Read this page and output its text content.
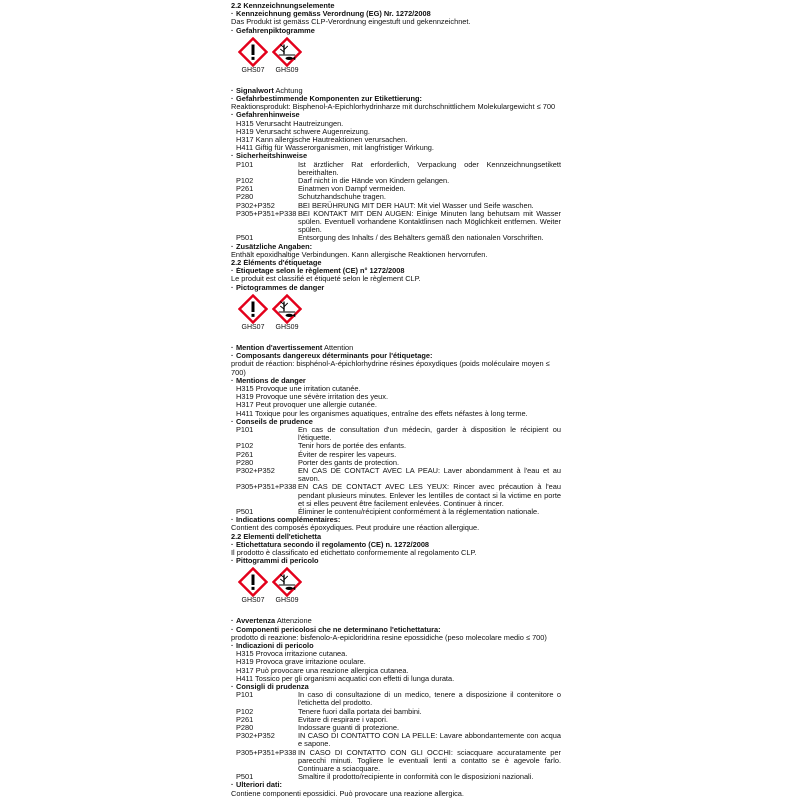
2.2 Kennzeichnungselemente
· Kennzeichnung gemäss Verordnung (EG) Nr. 1272/2008
Das Produkt ist gemäss CLP-Verordnung eingestuft und gekennzeichnet.
· Gefahrenpiktogramme
GHS07	GHS09
· Signalwort Achtung
· Gefahrbestimmende Komponenten zur Etikettierung:
Reaktionsprodukt: Bisphenol-A-Epichlorhydrinharze mit durchschnittlichem Molekulargewicht ≤ 700
· Gefahrenhinweise
H315 Verursacht Hautreizungen.
H319 Verursacht schwere Augenreizung.
H317 Kann allergische Hautreaktionen verursachen.
H411 Giftig für Wasserorganismen, mit langfristiger Wirkung.
· Sicherheitshinweise
P101	Ist ärztlicher Rat erforderlich, Verpackung oder Kennzeichnungsetikett bereithalten.
P102	Darf nicht in die Hände von Kindern gelangen.
P261	Einatmen von Dampf vermeiden.
P280	Schutzhandschuhe tragen.
P302+P352	BEI BERÜHRUNG MIT DER HAUT: Mit viel Wasser und Seife waschen.
P305+P351+P338 BEI KONTAKT MIT DEN AUGEN: Einige Minuten lang behutsam mit Wasser spülen. Eventuell vorhandene Kontaktlinsen nach Möglichkeit entfernen. Weiter spülen.
P501	Entsorgung des Inhalts / des Behälters gemäß den nationalen Vorschriften.
· Zusätzliche Angaben:
Enthält epoxidhaltige Verbindungen. Kann allergische Reaktionen hervorrufen.
2.2 Éléments d'étiquetage
· Étiquetage selon le règlement (CE) n° 1272/2008
Le produit est classifié et étiqueté selon le règlement CLP.
· Pictogrammes de danger
GHS07	GHS09
· Mention d'avertissement Attention
· Composants dangereux déterminants pour l'étiquetage:
produit de réaction: bisphénol-A-épichlorhydrine résines époxydiques (poids moléculaire moyen ≤
700)
· Mentions de danger
H315 Provoque une irritation cutanée.
H319 Provoque une sévère irritation des yeux.
H317 Peut provoquer une allergie cutanée.
H411 Toxique pour les organismes aquatiques, entraîne des effets néfastes à long terme.
· Conseils de prudence
P101	En cas de consultation d'un médecin, garder à disposition le récipient ou l'étiquette.
P102	Tenir hors de portée des enfants.
P261	Éviter de respirer les vapeurs.
P280	Porter des gants de protection.
P302+P352	EN CAS DE CONTACT AVEC LA PEAU: Laver abondamment à l'eau et au savon.
P305+P351+P338 EN CAS DE CONTACT AVEC LES YEUX: Rincer avec précaution à l'eau pendant plusieurs minutes. Enlever les lentilles de contact si la victime en porte et si elles peuvent être facilement enlevées. Continuer à rincer.
P501	Éliminer le contenu/récipient conformément à la réglementation nationale.
· Indications complémentaires:
Contient des composés époxydiques. Peut produire une réaction allergique.
2.2 Elementi dell'etichetta
· Etichettatura secondo il regolamento (CE) n. 1272/2008
Il prodotto è classificato ed etichettato conformemente al regolamento CLP.
· Pittogrammi di pericolo
GHS07	GHS09
· Avvertenza Attenzione
· Componenti pericolosi che ne determinano l'etichettatura:
prodotto di reazione: bisfenolo-A-epicloridrina resine epossidiche (peso molecolare medio ≤ 700)
· Indicazioni di pericolo
H315 Provoca irritazione cutanea.
H319 Provoca grave irritazione oculare.
H317 Può provocare una reazione allergica cutanea.
H411 Tossico per gli organismi acquatici con effetti di lunga durata.
· Consigli di prudenza
P101	In caso di consultazione di un medico, tenere a disposizione il contenitore o l'etichetta del prodotto.
P102	Tenere fuori dalla portata dei bambini.
P261	Evitare di respirare i vapori.
P280	Indossare guanti di protezione.
P302+P352	IN CASO DI CONTATTO CON LA PELLE: Lavare abbondantemente con acqua e sapone.
P305+P351+P338 IN CASO DI CONTATTO CON GLI OCCHI: sciacquare accuratamente per parecchi minuti. Togliere le eventuali lenti a contatto se è agevole farlo. Continuare a sciacquare.
P501	Smaltire il prodotto/recipiente in conformità con le disposizioni nazionali.
· Ulteriori dati:
Contiene componenti epossidici. Può provocare una reazione allergica.
